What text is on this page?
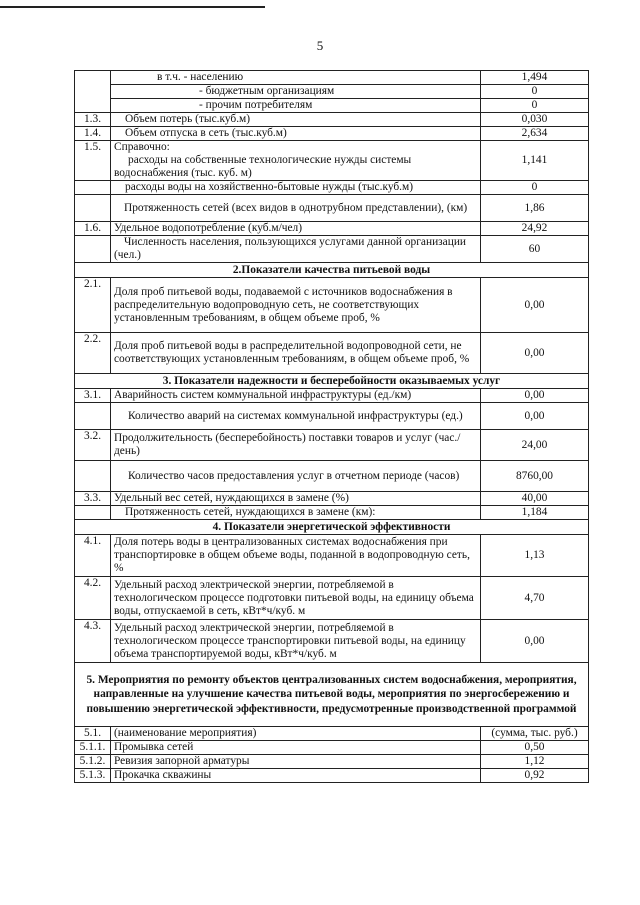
5
	в т.ч. - населению	1,494
	- бюджетным организациям	0
	- прочим потребителям	0
1.3.	Объем потерь (тыс.куб.м)	0,030
1.4.	Объем отпуска в сеть (тыс.куб.м)	2,634
1.5.	Справочно:
расходы на собственные технологические нужды системы водоснабжения (тыс. куб. м)	1,141
	расходы воды на хозяйственно-бытовые нужды (тыс.куб.м)	0
	Протяженность сетей (всех видов в однотрубном представлении), (км)	1,86
1.6.	Удельное водопотребление (куб.м/чел)	24,92
	Численность населения, пользующихся услугами данной организации (чел.)	60
2.Показатели качества питьевой воды		
2.1.	Доля проб питьевой воды, подаваемой с источников водоснабжения в распределительную водопроводную сеть, не соответствующих установленным требованиям, в общем объеме проб, %	0,00
2.2.	Доля проб питьевой воды в распределительной водопроводной сети, не соответствующих установленным требованиям, в общем объеме проб, %	0,00
3. Показатели надежности и бесперебойности оказываемых услуг		
3.1.	Аварийность систем коммунальной инфраструктуры (ед./км)	0,00
	Количество аварий на системах коммунальной инфраструктуры (ед.)	0,00
3.2.	Продолжительность (бесперебойность) поставки товаров и услуг (час./день)	24,00
	Количество часов предоставления услуг в отчетном периоде (часов)	8760,00
3.3.	Удельный вес сетей, нуждающихся в замене (%)	40,00
	Протяженность сетей, нуждающихся в замене (км):	1,184
4. Показатели энергетической эффективности		
4.1.	Доля потерь воды в централизованных системах водоснабжения при транспортировке в общем объеме воды, поданной в водопроводную сеть, %	1,13
4.2.	Удельный расход электрической энергии, потребляемой в технологическом процессе подготовки питьевой воды, на единицу объема воды, отпускаемой в сеть, кВт*ч/куб. м	4,70
4.3.	Удельный расход электрической энергии, потребляемой в технологическом процессе транспортировки питьевой воды, на единицу объема транспортируемой воды, кВт*ч/куб. м	0,00
5. Мероприятия по ремонту объектов централизованных систем водоснабжения, мероприятия, направленные на улучшение качества питьевой воды, мероприятия по энергосбережению и повышению энергетической эффективности, предусмотренные производственной программой		
5.1.	(наименование мероприятия)	(сумма, тыс. руб.)
5.1.1.	Промывка сетей	0,50
5.1.2.	Ревизия запорной арматуры	1,12
5.1.3.	Прокачка скважины	0,92
